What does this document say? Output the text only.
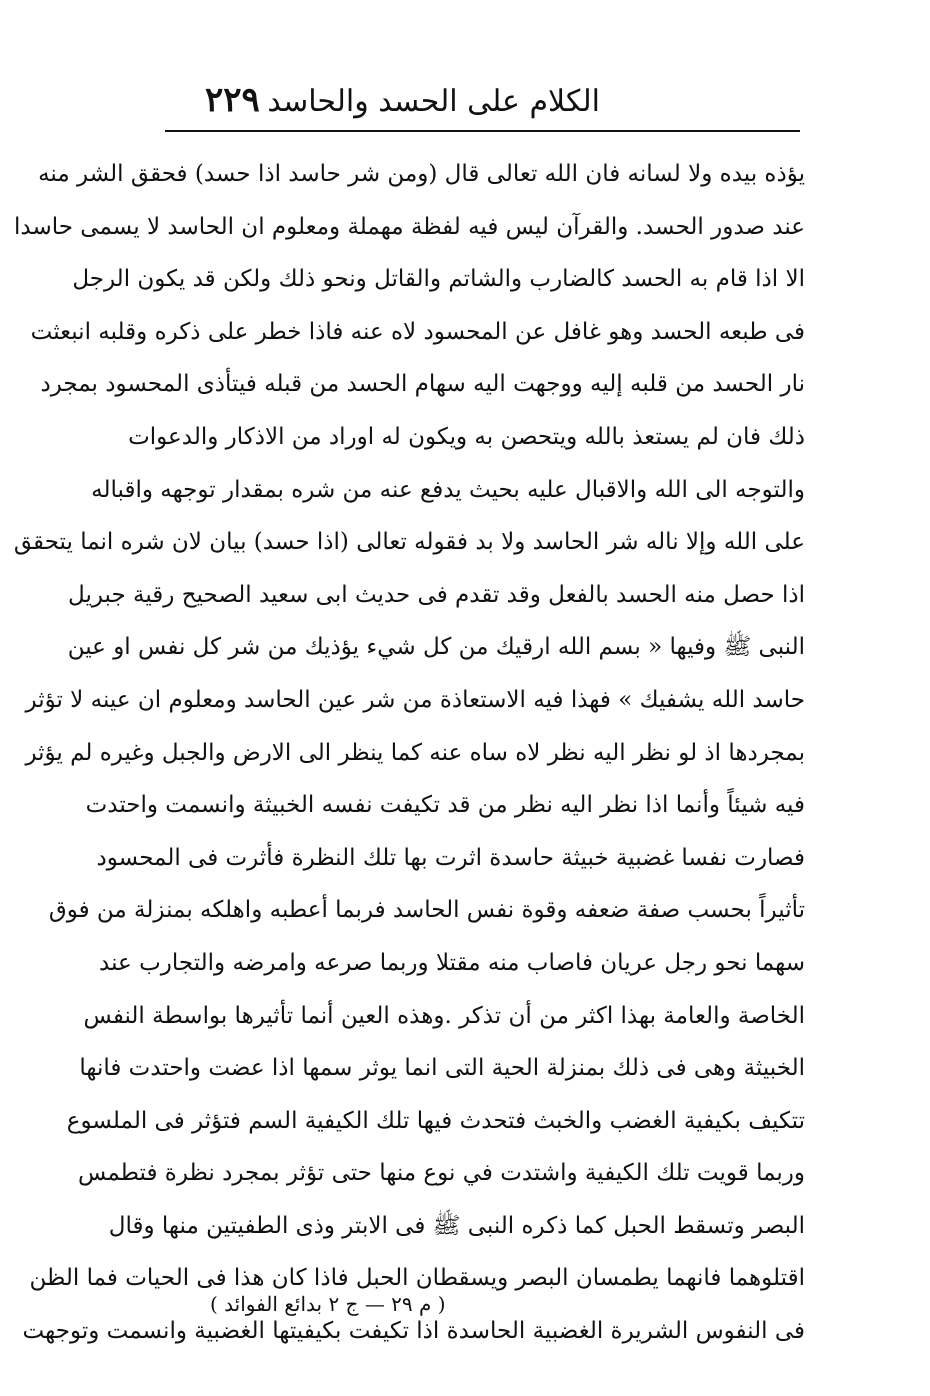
الكلام على الحسد والحاسد
٢٢٩
يؤذه بيده ولا لسانه فان الله تعالى قال (ومن شر حاسد اذا حسد) فحقق الشر منه
عند صدور الحسد. والقرآن ليس فيه لفظة مهملة ومعلوم ان الحاسد لا يسمى حاسدا
الا اذا قام به الحسد كالضارب والشاتم والقاتل ونحو ذلك ولكن قد يكون الرجل
فى طبعه الحسد وهو غافل عن المحسود لاه عنه فاذا خطر على ذكره وقلبه انبعثت
نار الحسد من قلبه إليه ووجهت اليه سهام الحسد من قبله فيتأذى المحسود بمجرد
ذلك فان لم يستعذ بالله ويتحصن به ويكون له اوراد من الاذكار والدعوات
والتوجه الى الله والاقبال عليه بحيث يدفع عنه من شره بمقدار توجهه واقباله
على الله وإلا ناله شر الحاسد ولا بد فقوله تعالى (اذا حسد) بيان لان شره انما يتحقق
اذا حصل منه الحسد بالفعل وقد تقدم فى حديث ابى سعيد الصحيح رقية جبريل
النبى ﷺ وفيها « بسم الله ارقيك من كل شيء يؤذيك من شر كل نفس او عين
حاسد الله يشفيك » فهذا فيه الاستعاذة من شر عين الحاسد ومعلوم ان عينه لا تؤثر
بمجردها اذ لو نظر اليه نظر لاه ساه عنه كما ينظر الى الارض والجبل وغيره لم يؤثر
فيه شيئاً وأنما اذا نظر اليه نظر من قد تكيفت نفسه الخبيثة وانسمت واحتدت
فصارت نفسا غضبية خبيثة حاسدة اثرت بها تلك النظرة فأثرت فى المحسود
تأثيراً بحسب صفة ضعفه وقوة نفس الحاسد فربما أعطبه واهلكه بمنزلة من فوق
سهما نحو رجل عريان فاصاب منه مقتلا وربما صرعه وامرضه والتجارب عند
الخاصة والعامة بهذا اكثر من أن تذكر .وهذه العين أنما تأثيرها بواسطة النفس
الخبيثة وهى فى ذلك بمنزلة الحية التى انما يوثر سمها اذا عضت واحتدت فانها
تتكيف بكيفية الغضب والخبث فتحدث فيها تلك الكيفية السم فتؤثر فى الملسوع
وربما قويت تلك الكيفية واشتدت في نوع منها حتى تؤثر بمجرد نظرة فتطمس
البصر وتسقط الحبل كما ذكره النبى ﷺ فى الابتر وذى الطفيتين منها وقال
اقتلوهما فانهما يطمسان البصر ويسقطان الحبل فاذا كان هذا فى الحيات فما الظن
فى النفوس الشريرة الغضبية الحاسدة اذا تكيفت بكيفيتها الغضبية وانسمت وتوجهت
( م ٢٩ — ج ٢ بدائع الفوائد )
